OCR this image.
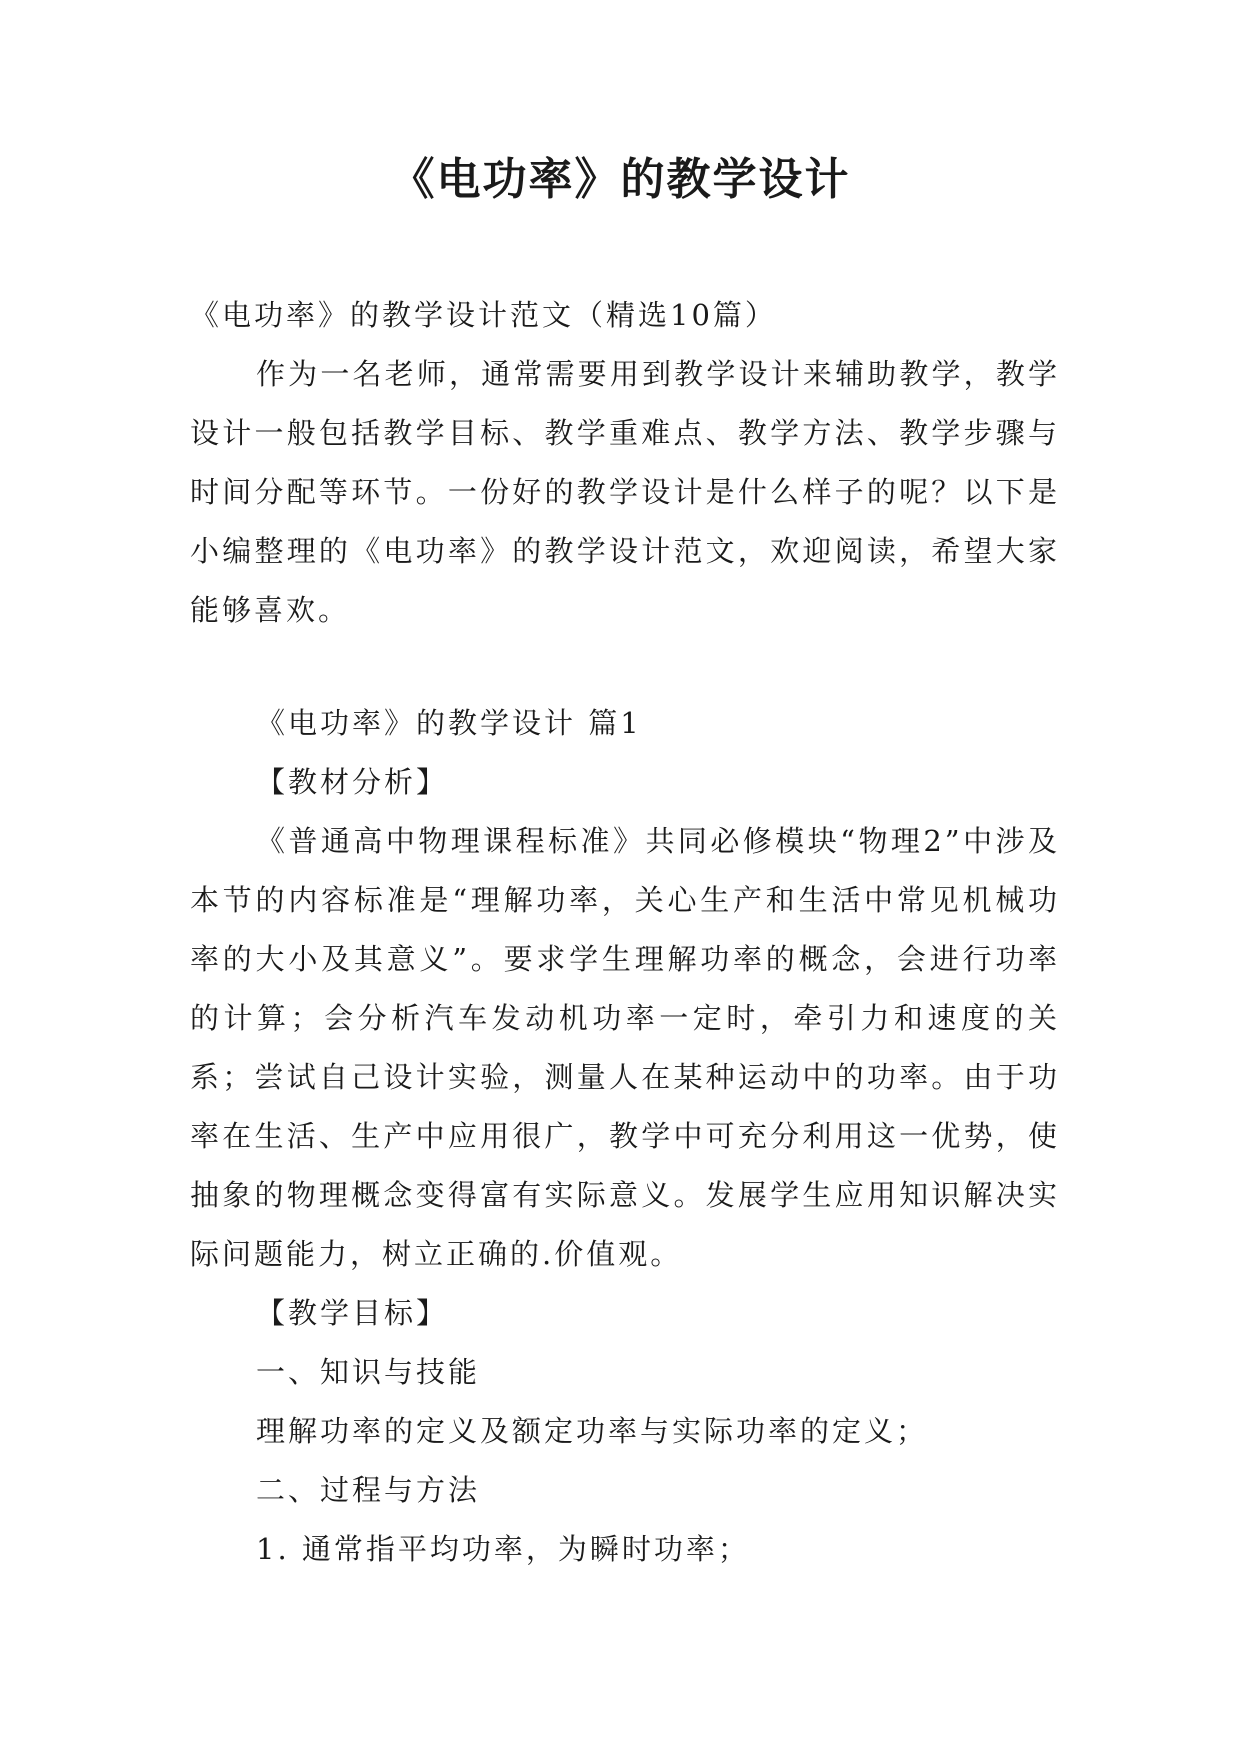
《电功率》的教学设计

《电功率》的教学设计范文（精选10篇）

作为一名老师，通常需要用到教学设计来辅助教学，教学设计一般包括教学目标、教学重难点、教学方法、教学步骤与时间分配等环节。一份好的教学设计是什么样子的呢？以下是小编整理的《电功率》的教学设计范文，欢迎阅读，希望大家能够喜欢。

《电功率》的教学设计 篇1

【教材分析】

《普通高中物理课程标准》共同必修模块“物理2”中涉及本节的内容标准是“理解功率，关心生产和生活中常见机械功率的大小及其意义”。要求学生理解功率的概念，会进行功率的计算；会分析汽车发动机功率一定时，牵引力和速度的关系；尝试自己设计实验，测量人在某种运动中的功率。由于功率在生活、生产中应用很广，教学中可充分利用这一优势，使抽象的物理概念变得富有实际意义。发展学生应用知识解决实际问题能力，树立正确的.价值观。

【教学目标】

一、知识与技能

理解功率的定义及额定功率与实际功率的定义；

二、过程与方法

1. 通常指平均功率，为瞬时功率；
